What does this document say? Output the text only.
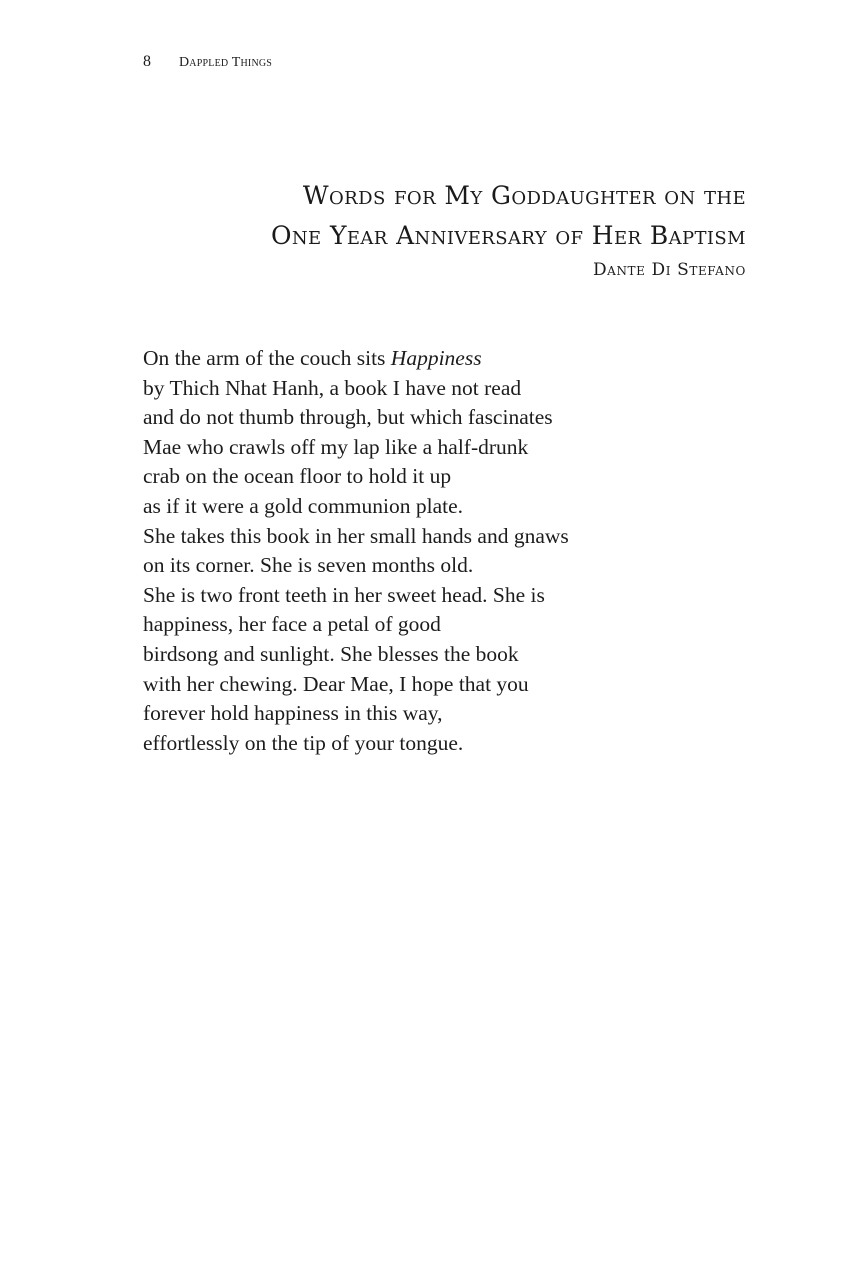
8 Dappled Things
Words for My Goddaughter on the
One Year Anniversary of Her Baptism
Dante Di Stefano
On the arm of the couch sits Happiness
by Thich Nhat Hanh, a book I have not read
and do not thumb through, but which fascinates
Mae who crawls off my lap like a half-drunk
crab on the ocean floor to hold it up
as if it were a gold communion plate.
She takes this book in her small hands and gnaws
on its corner. She is seven months old.
She is two front teeth in her sweet head. She is
happiness, her face a petal of good
birdsong and sunlight. She blesses the book
with her chewing. Dear Mae, I hope that you
forever hold happiness in this way,
effortlessly on the tip of your tongue.
